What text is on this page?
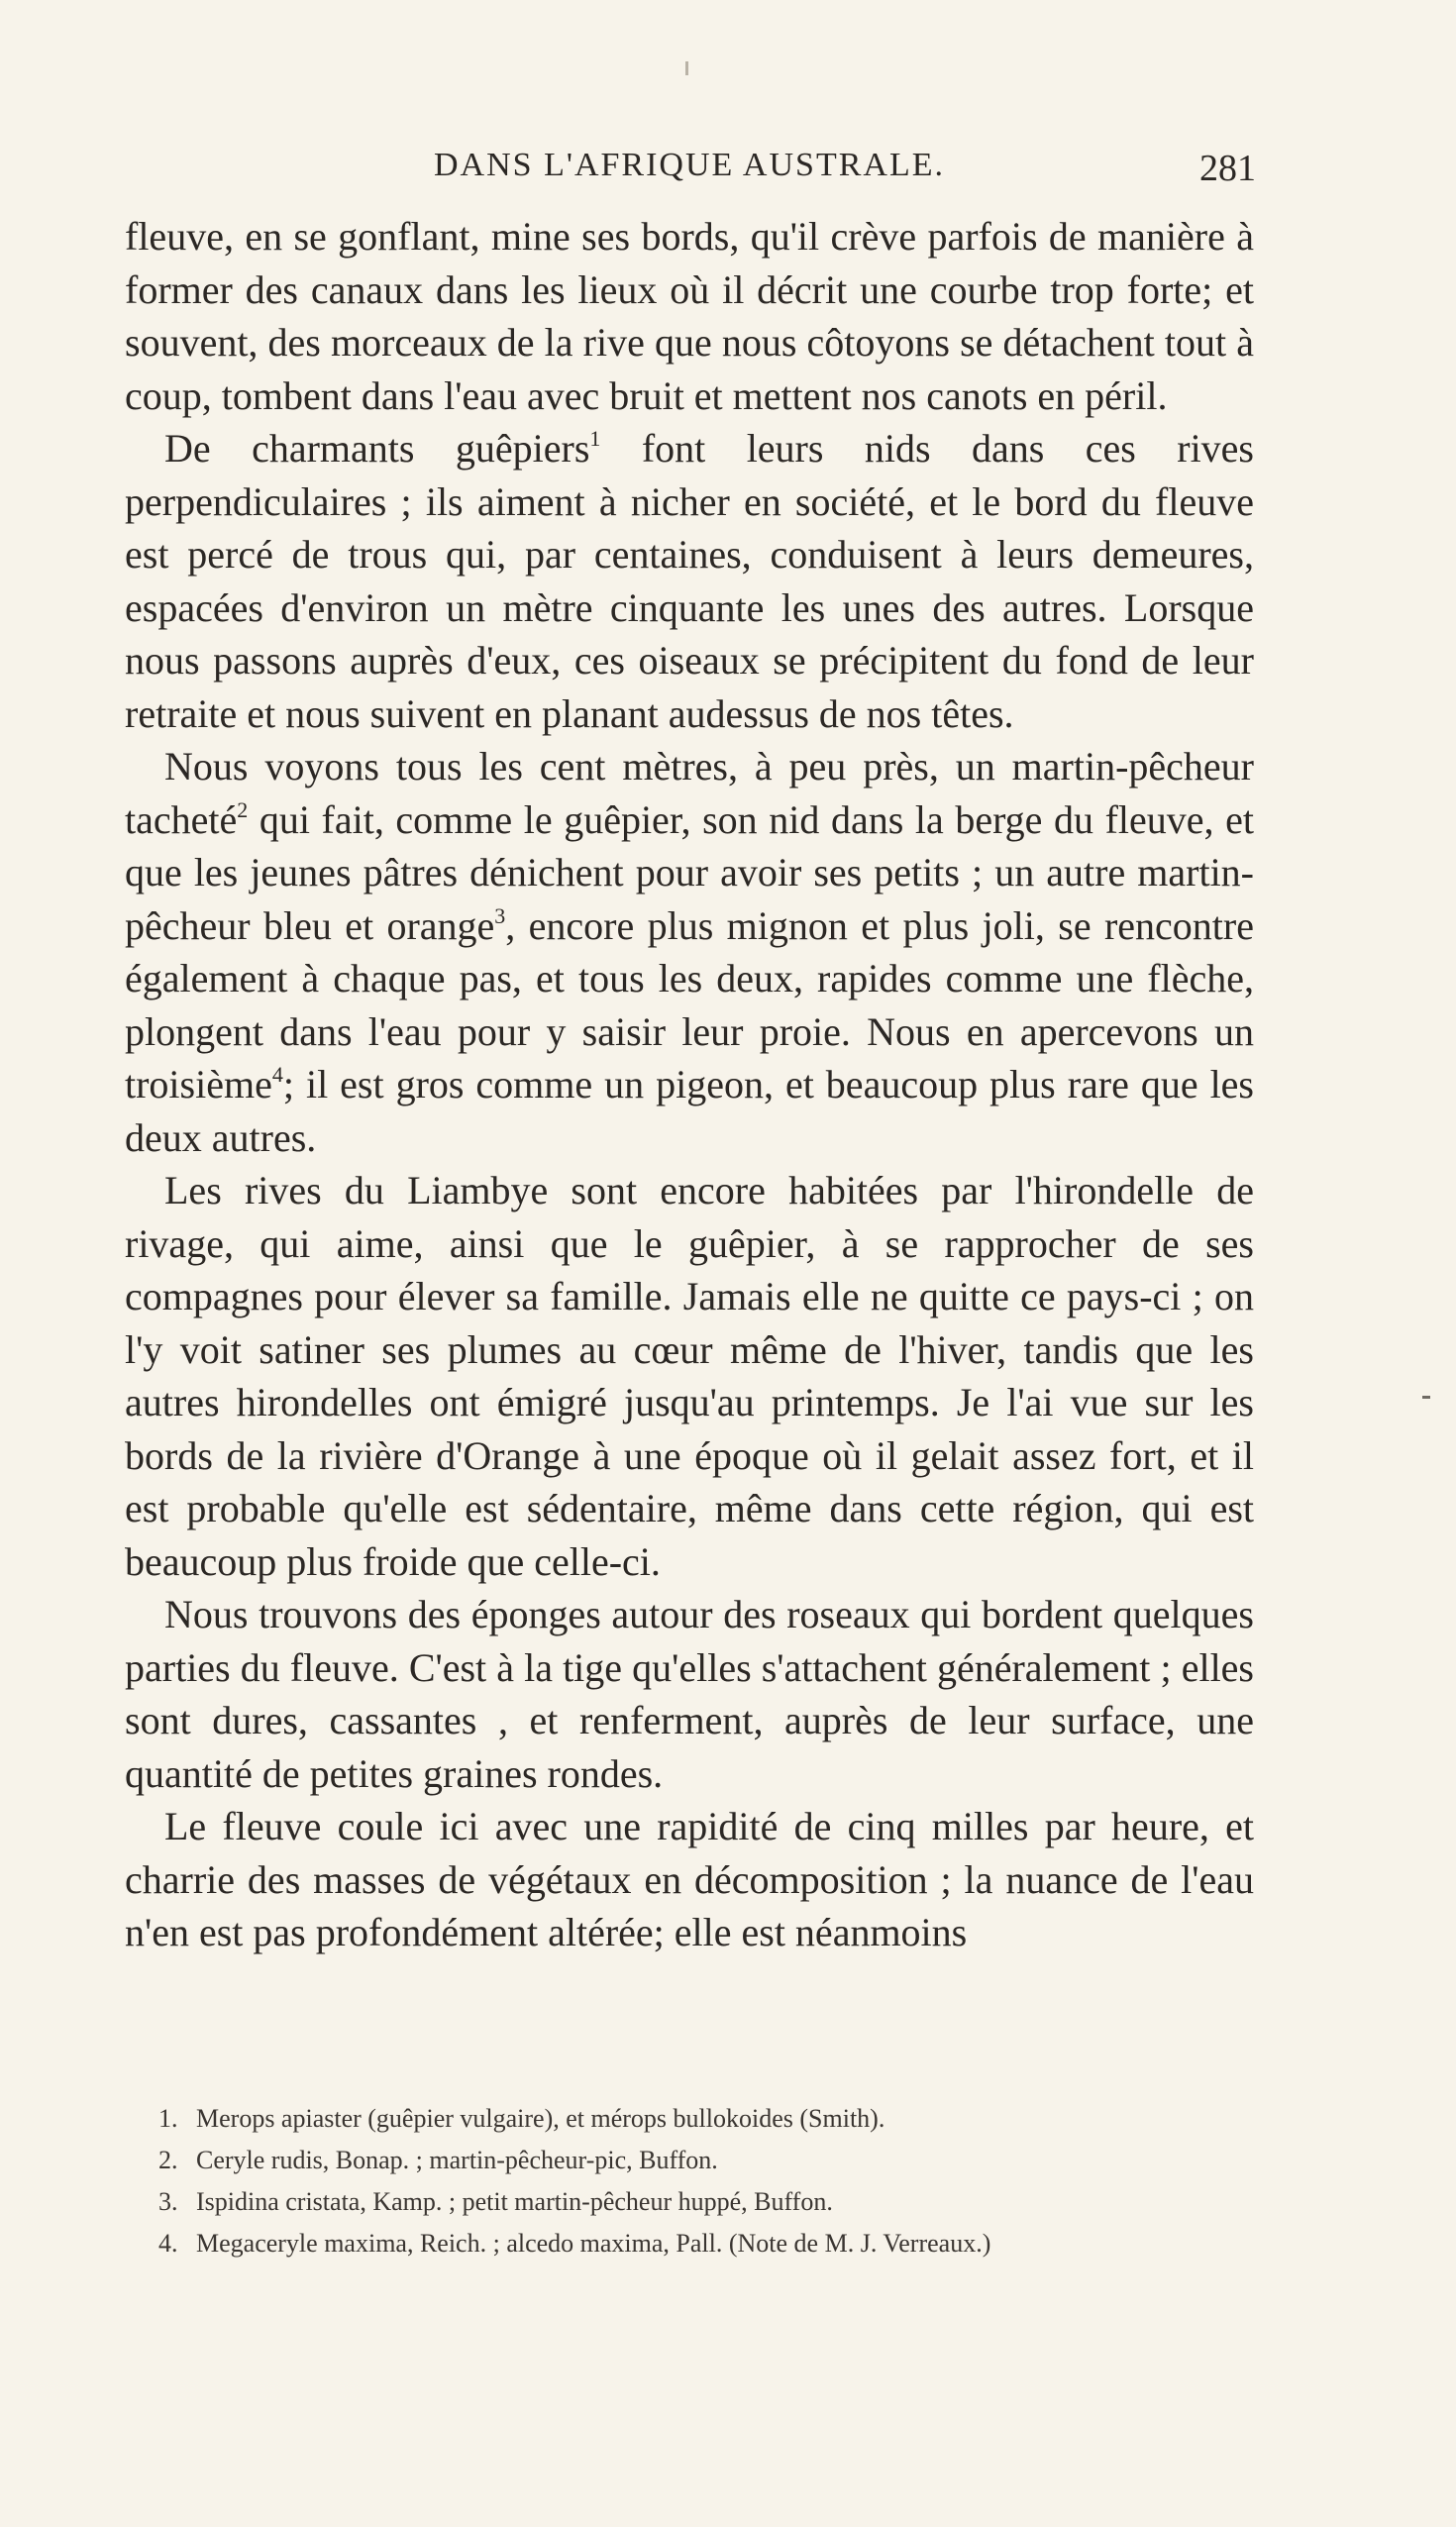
DANS L'AFRIQUE AUSTRALE.	281

fleuve, en se gonflant, mine ses bords, qu'il crève parfois de manière à former des canaux dans les lieux où il décrit une courbe trop forte; et souvent, des morceaux de la rive que nous côtoyons se détachent tout à coup, tombent dans l'eau avec bruit et mettent nos canots en péril.

De charmants guêpiers$^1$ font leurs nids dans ces rives perpendiculaires ; ils aiment à nicher en société, et le bord du fleuve est percé de trous qui, par centaines, conduisent à leurs demeures, espacées d'environ un mètre cinquante les unes des autres. Lorsque nous passons auprès d'eux, ces oiseaux se précipitent du fond de leur retraite et nous suivent en planant audessus de nos têtes.

Nous voyons tous les cent mètres, à peu près, un martin-pêcheur tacheté$^2$ qui fait, comme le guêpier, son nid dans la berge du fleuve, et que les jeunes pâtres dénichent pour avoir ses petits ; un autre martin-pêcheur bleu et orange$^3$, encore plus mignon et plus joli, se rencontre également à chaque pas, et tous les deux, rapides comme une flèche, plongent dans l'eau pour y saisir leur proie. Nous en apercevons un troisième$^4$; il est gros comme un pigeon, et beaucoup plus rare que les deux autres.

Les rives du Liambye sont encore habitées par l'hirondelle de rivage, qui aime, ainsi que le guêpier, à se rapprocher de ses compagnes pour élever sa famille. Jamais elle ne quitte ce pays-ci ; on l'y voit satiner ses plumes au cœur même de l'hiver, tandis que les autres hirondelles ont émigré jusqu'au printemps. Je l'ai vue sur les bords de la rivière d'Orange à une époque où il gelait assez fort, et il est probable qu'elle est sédentaire, même dans cette région, qui est beaucoup plus froide que celle-ci.

Nous trouvons des éponges autour des roseaux qui bordent quelques parties du fleuve. C'est à la tige qu'elles s'attachent généralement ; elles sont dures, cassantes , et renferment, auprès de leur surface, une quantité de petites graines rondes.

Le fleuve coule ici avec une rapidité de cinq milles par heure, et charrie des masses de végétaux en décomposition ; la nuance de l'eau n'en est pas profondément altérée; elle est néanmoins

1. Merops apiaster (guêpier vulgaire), et mérops bullokoides (Smith).
2. Ceryle rudis, Bonap. ; martin-pêcheur-pic, Buffon.
3. Ispidina cristata, Kamp. ; petit martin-pêcheur huppé, Buffon.
4. Megaceryle maxima, Reich. ; alcedo maxima, Pall. (Note de M. J. Verreaux.)
